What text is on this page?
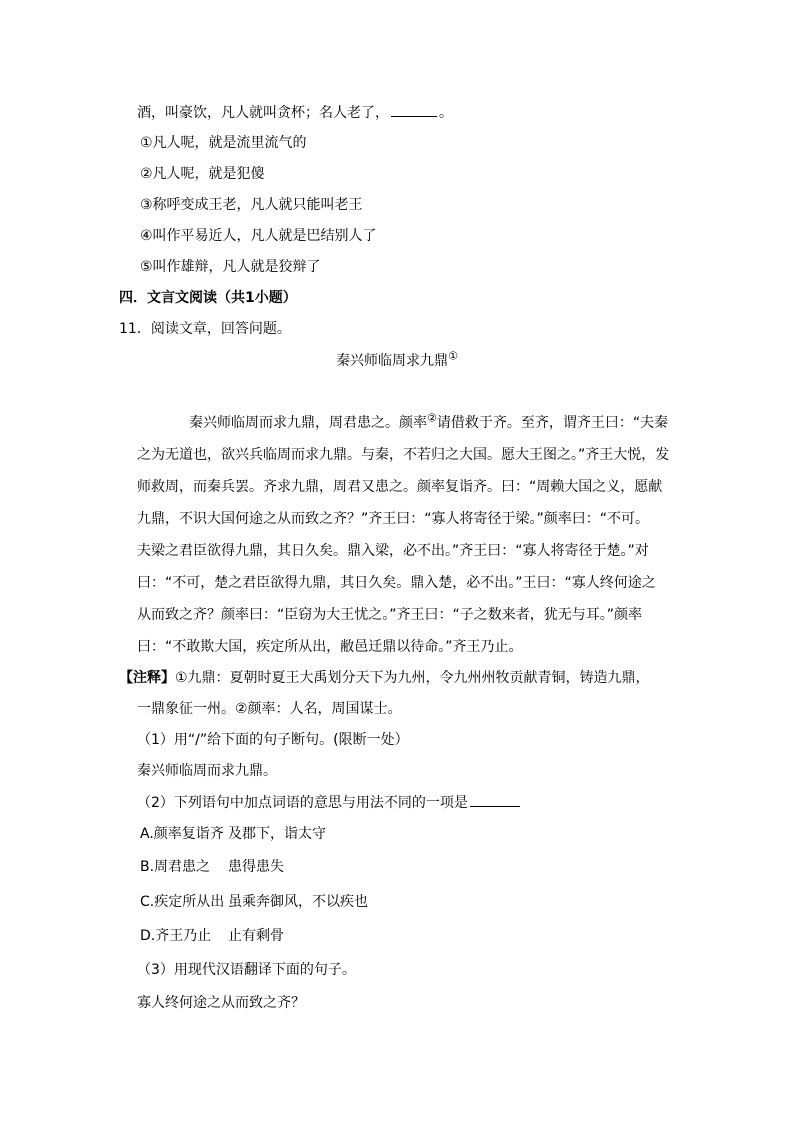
酒，叫豪饮，凡人就叫贪杯；名人老了，	。
①凡人呢，就是流里流气的
②凡人呢，就是犯傻
③称呼变成王老，凡人就只能叫老王
④叫作平易近人，凡人就是巴结别人了
⑤叫作雄辩，凡人就是狡辩了
四．文言文阅读（共1小题）
11．阅读文章，回答问题。
秦兴师临周求九鼎①
秦兴师临周而求九鼎，周君患之。颜率②请借救于齐。至齐，谓齐王曰：“夫秦
之为无道也，欲兴兵临周而求九鼎。与秦，不若归之大国。愿大王图之。”齐王大悦，发
师救周，而秦兵罢。齐求九鼎，周君又患之。颜率复诣齐。曰：“周赖大国之义，愿献
九鼎，不识大国何途之从而致之齐？”齐王曰：“寡人将寄径于梁。”颜率曰：“不可。
夫梁之君臣欲得九鼎，其日久矣。鼎入梁，必不出。”齐王曰：“寡人将寄径于楚。”对
曰：“不可，楚之君臣欲得九鼎，其日久矣。鼎入楚，必不出。”王曰：“寡人终何途之
从而致之齐？颜率曰：“臣窃为大王忧之。”齐王曰：“子之数来者，犹无与耳。”颜率
曰：“不敢欺大国，疾定所从出，敝邑迁鼎以待命。”齐王乃止。
【注释】①九鼎：夏朝时夏王大禹划分天下为九州，令九州州牧贡献青铜，铸造九鼎，
一鼎象征一州。②颜率：人名，周国谋士。
（1）用“/”给下面的句子断句。(限断一处）
秦兴师临周而求九鼎。
（2）下列语句中加点词语的意思与用法不同的一项是
A.颜率复诣齐 及郡下，诣太守
B.周君患之 患得患失
C.疾定所从出 虽乘奔御风，不以疾也
D.齐王乃止 止有剩骨
（3）用现代汉语翻译下面的句子。
寡人终何途之从而致之齐？
